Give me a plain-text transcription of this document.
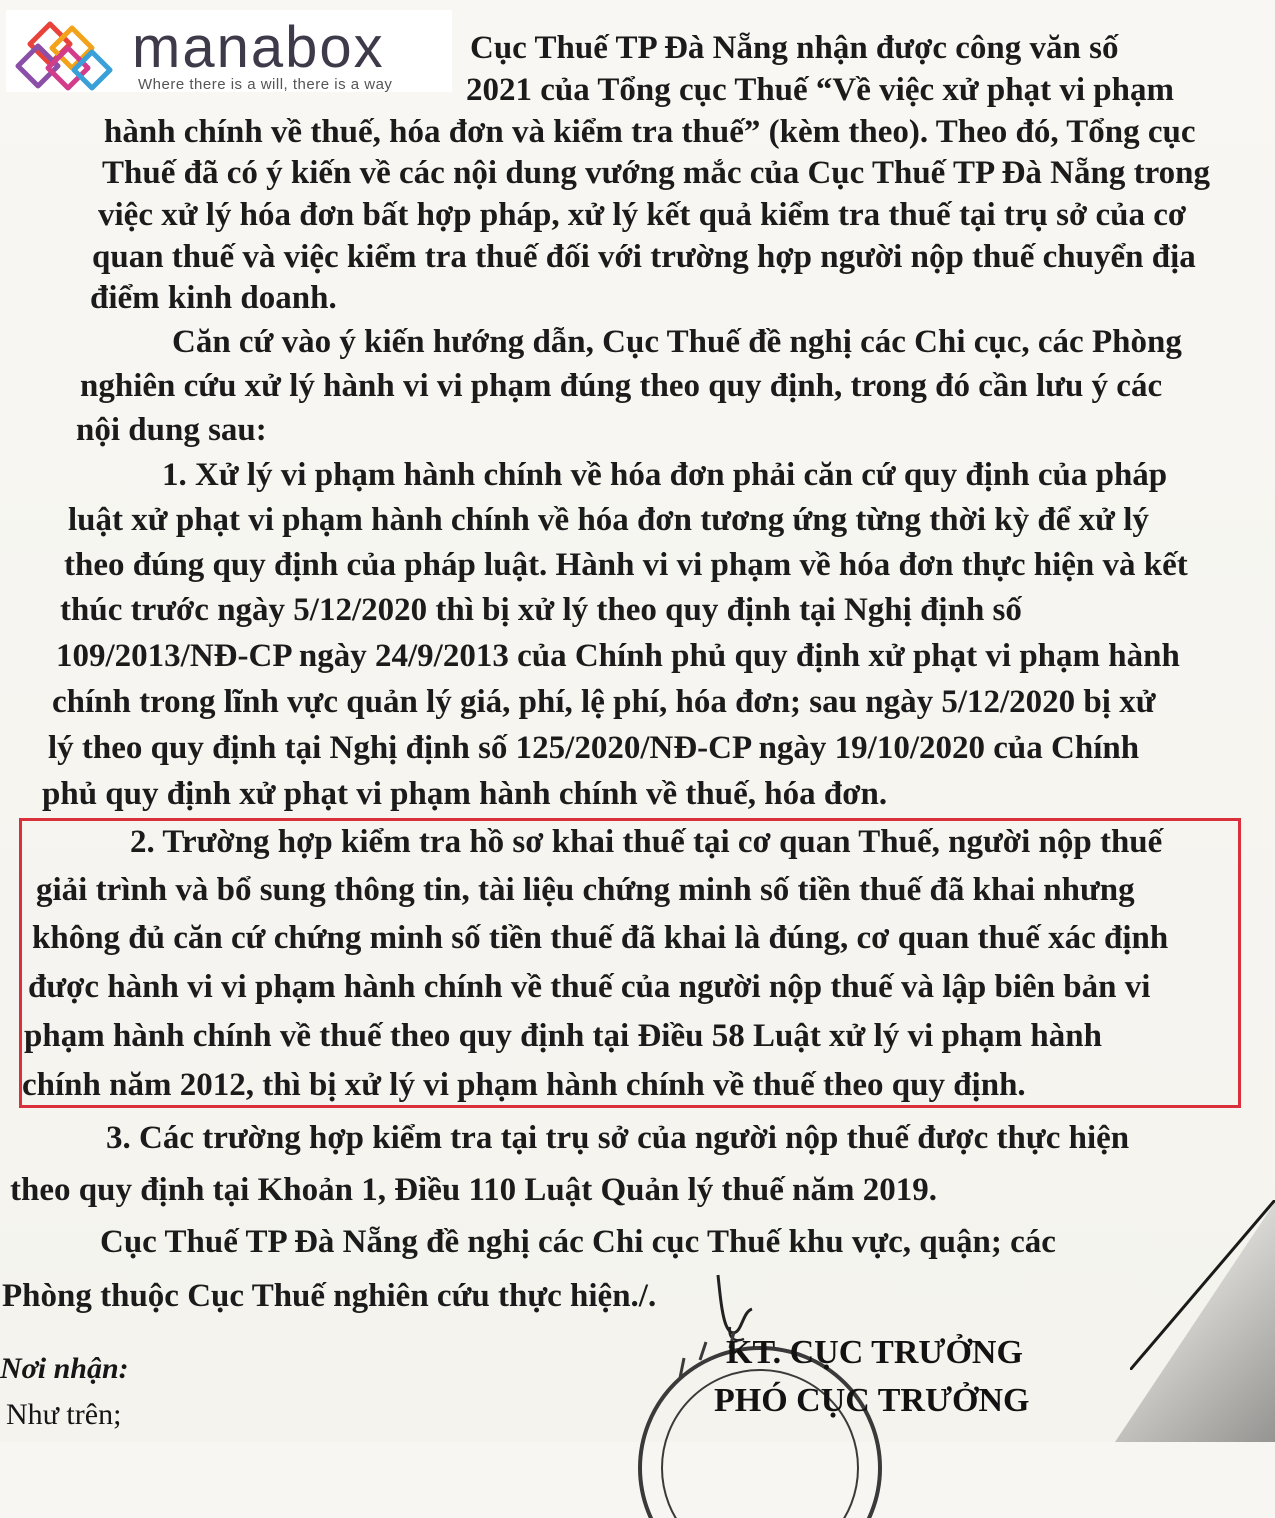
manabox
Where there is a will, there is a way
Cục Thuế TP Đà Nẵng nhận được công văn số
2021 của Tổng cục Thuế “Về việc xử phạt vi phạm
hành chính về thuế, hóa đơn và kiểm tra thuế” (kèm theo). Theo đó, Tổng cục
Thuế đã có ý kiến về các nội dung vướng mắc của Cục Thuế TP Đà Nẵng trong
việc xử lý hóa đơn bất hợp pháp, xử lý kết quả kiểm tra thuế tại trụ sở của cơ
quan thuế và việc kiểm tra thuế đối với trường hợp người nộp thuế chuyển địa
điểm kinh doanh.
Căn cứ vào ý kiến hướng dẫn, Cục Thuế đề nghị các Chi cục, các Phòng
nghiên cứu xử lý hành vi vi phạm đúng theo quy định, trong đó cần lưu ý các
nội dung sau:
1. Xử lý vi phạm hành chính về hóa đơn phải căn cứ quy định của pháp
luật xử phạt vi phạm hành chính về hóa đơn tương ứng từng thời kỳ để xử lý
theo đúng quy định của pháp luật. Hành vi vi phạm về hóa đơn thực hiện và kết
thúc trước ngày 5/12/2020 thì bị xử lý theo quy định tại Nghị định số
109/2013/NĐ-CP ngày 24/9/2013 của Chính phủ quy định xử phạt vi phạm hành
chính trong lĩnh vực quản lý giá, phí, lệ phí, hóa đơn; sau ngày 5/12/2020 bị xử
lý theo quy định tại Nghị định số 125/2020/NĐ-CP ngày 19/10/2020 của Chính
phủ quy định xử phạt vi phạm hành chính về thuế, hóa đơn.
2. Trường hợp kiểm tra hồ sơ khai thuế tại cơ quan Thuế, người nộp thuế
giải trình và bổ sung thông tin, tài liệu chứng minh số tiền thuế đã khai nhưng
không đủ căn cứ chứng minh số tiền thuế đã khai là đúng, cơ quan thuế xác định
được hành vi vi phạm hành chính về thuế của người nộp thuế và lập biên bản vi
phạm hành chính về thuế theo quy định tại Điều 58 Luật xử lý vi phạm hành
chính năm 2012, thì bị xử lý vi phạm hành chính về thuế theo quy định.
3. Các trường hợp kiểm tra tại trụ sở của người nộp thuế được thực hiện
theo quy định tại Khoản 1, Điều 110 Luật Quản lý thuế năm 2019.
Cục Thuế TP Đà Nẵng đề nghị các Chi cục Thuế khu vực, quận; các
Phòng thuộc Cục Thuế nghiên cứu thực hiện./.
KT. CỤC TRƯỞNG
PHÓ CỤC TRƯỞNG
Nơi nhận:
Như trên;
